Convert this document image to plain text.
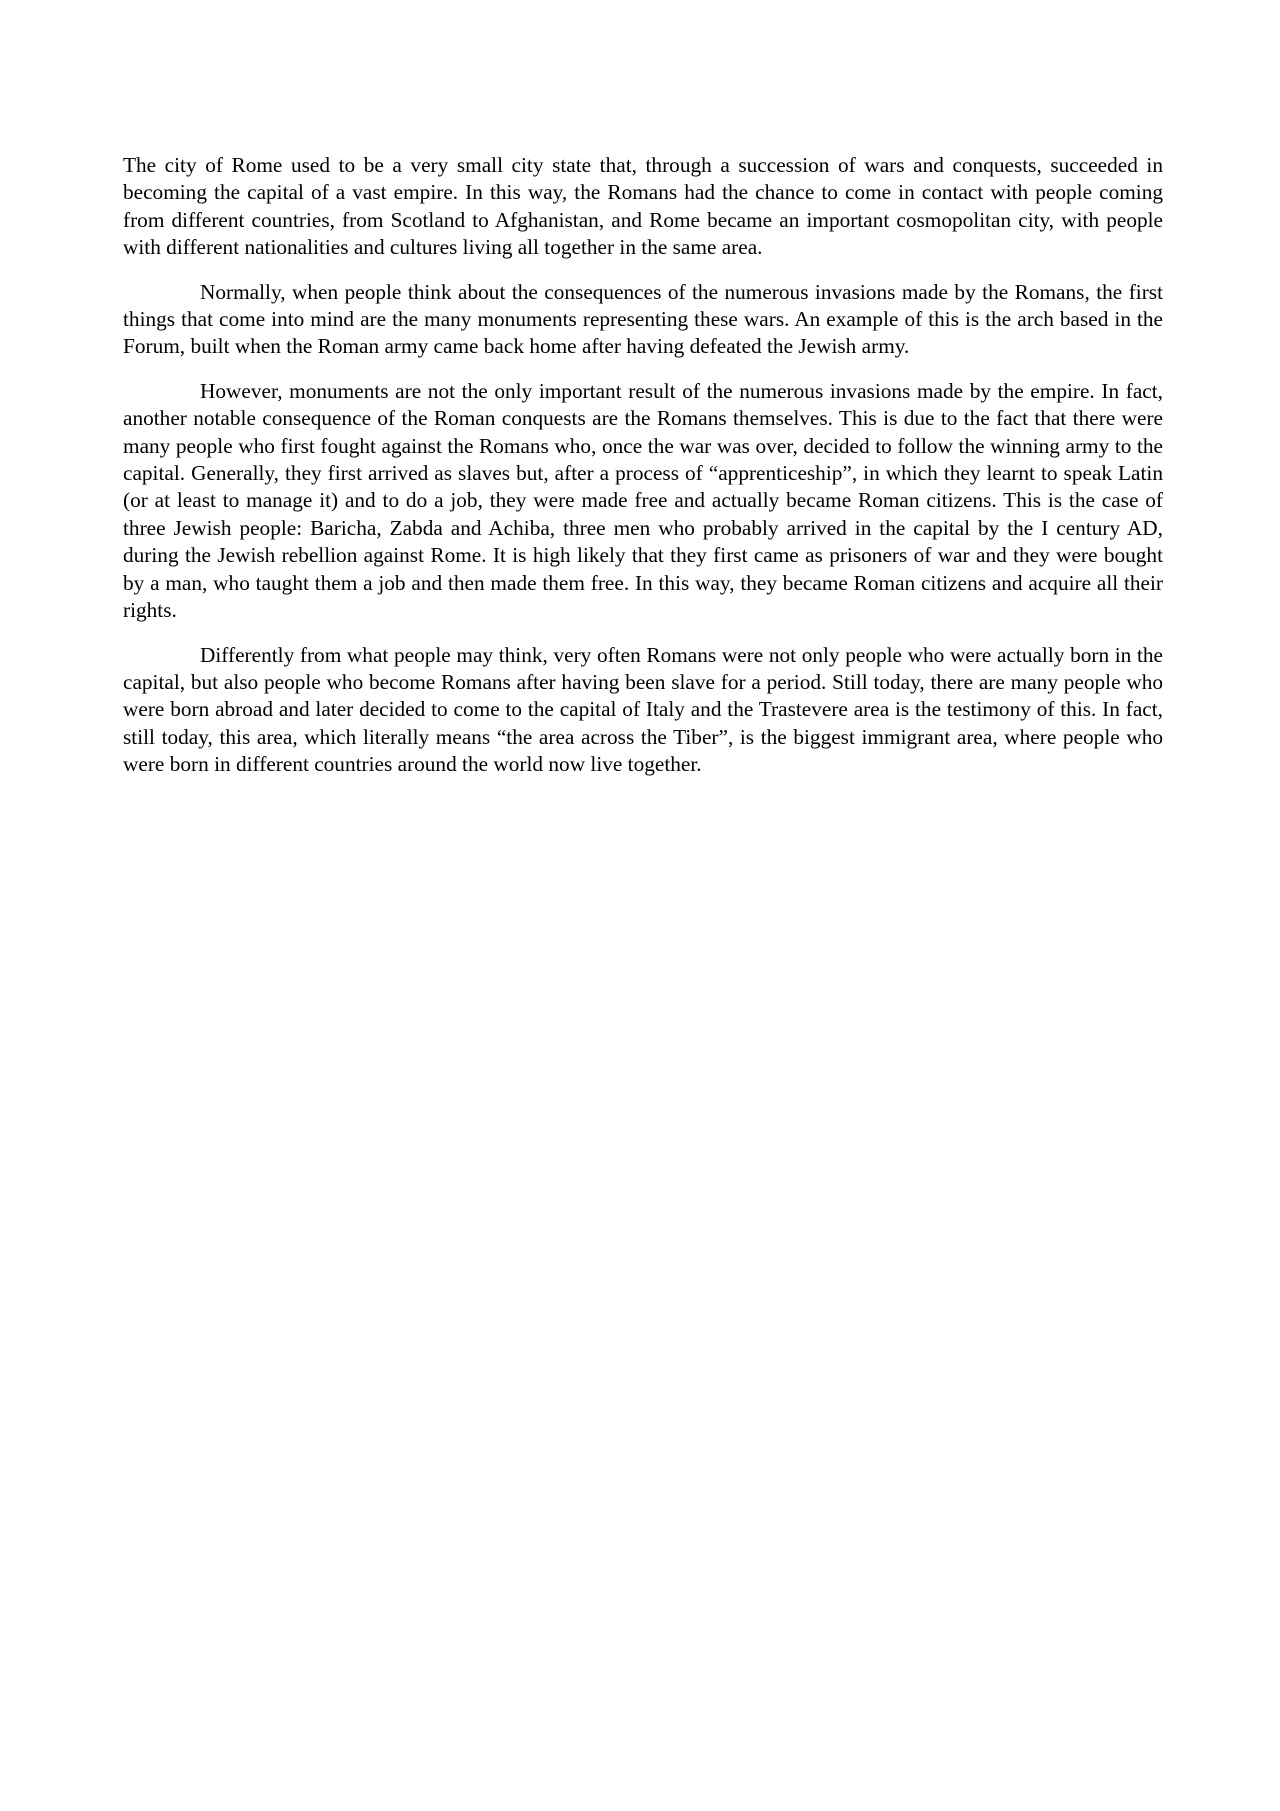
The city of Rome used to be a very small city state that, through a succession of wars and conquests, succeeded in becoming the capital of a vast empire. In this way, the Romans had the chance to come in contact with people coming from different countries, from Scotland to Afghanistan, and Rome became an important cosmopolitan city, with people with different nationalities and cultures living all together in the same area.

Normally, when people think about the consequences of the numerous invasions made by the Romans, the first things that come into mind are the many monuments representing these wars. An example of this is the arch based in the Forum, built when the Roman army came back home after having defeated the Jewish army.

However, monuments are not the only important result of the numerous invasions made by the empire. In fact, another notable consequence of the Roman conquests are the Romans themselves. This is due to the fact that there were many people who first fought against the Romans who, once the war was over, decided to follow the winning army to the capital. Generally, they first arrived as slaves but, after a process of “apprenticeship”, in which they learnt to speak Latin (or at least to manage it) and to do a job, they were made free and actually became Roman citizens. This is the case of three Jewish people: Baricha, Zabda and Achiba, three men who probably arrived in the capital by the I century AD, during the Jewish rebellion against Rome. It is high likely that they first came as prisoners of war and they were bought by a man, who taught them a job and then made them free. In this way, they became Roman citizens and acquire all their rights.

Differently from what people may think, very often Romans were not only people who were actually born in the capital, but also people who become Romans after having been slave for a period. Still today, there are many people who were born abroad and later decided to come to the capital of Italy and the Trastevere area is the testimony of this. In fact, still today, this area, which literally means “the area across the Tiber”, is the biggest immigrant area, where people who were born in different countries around the world now live together.
